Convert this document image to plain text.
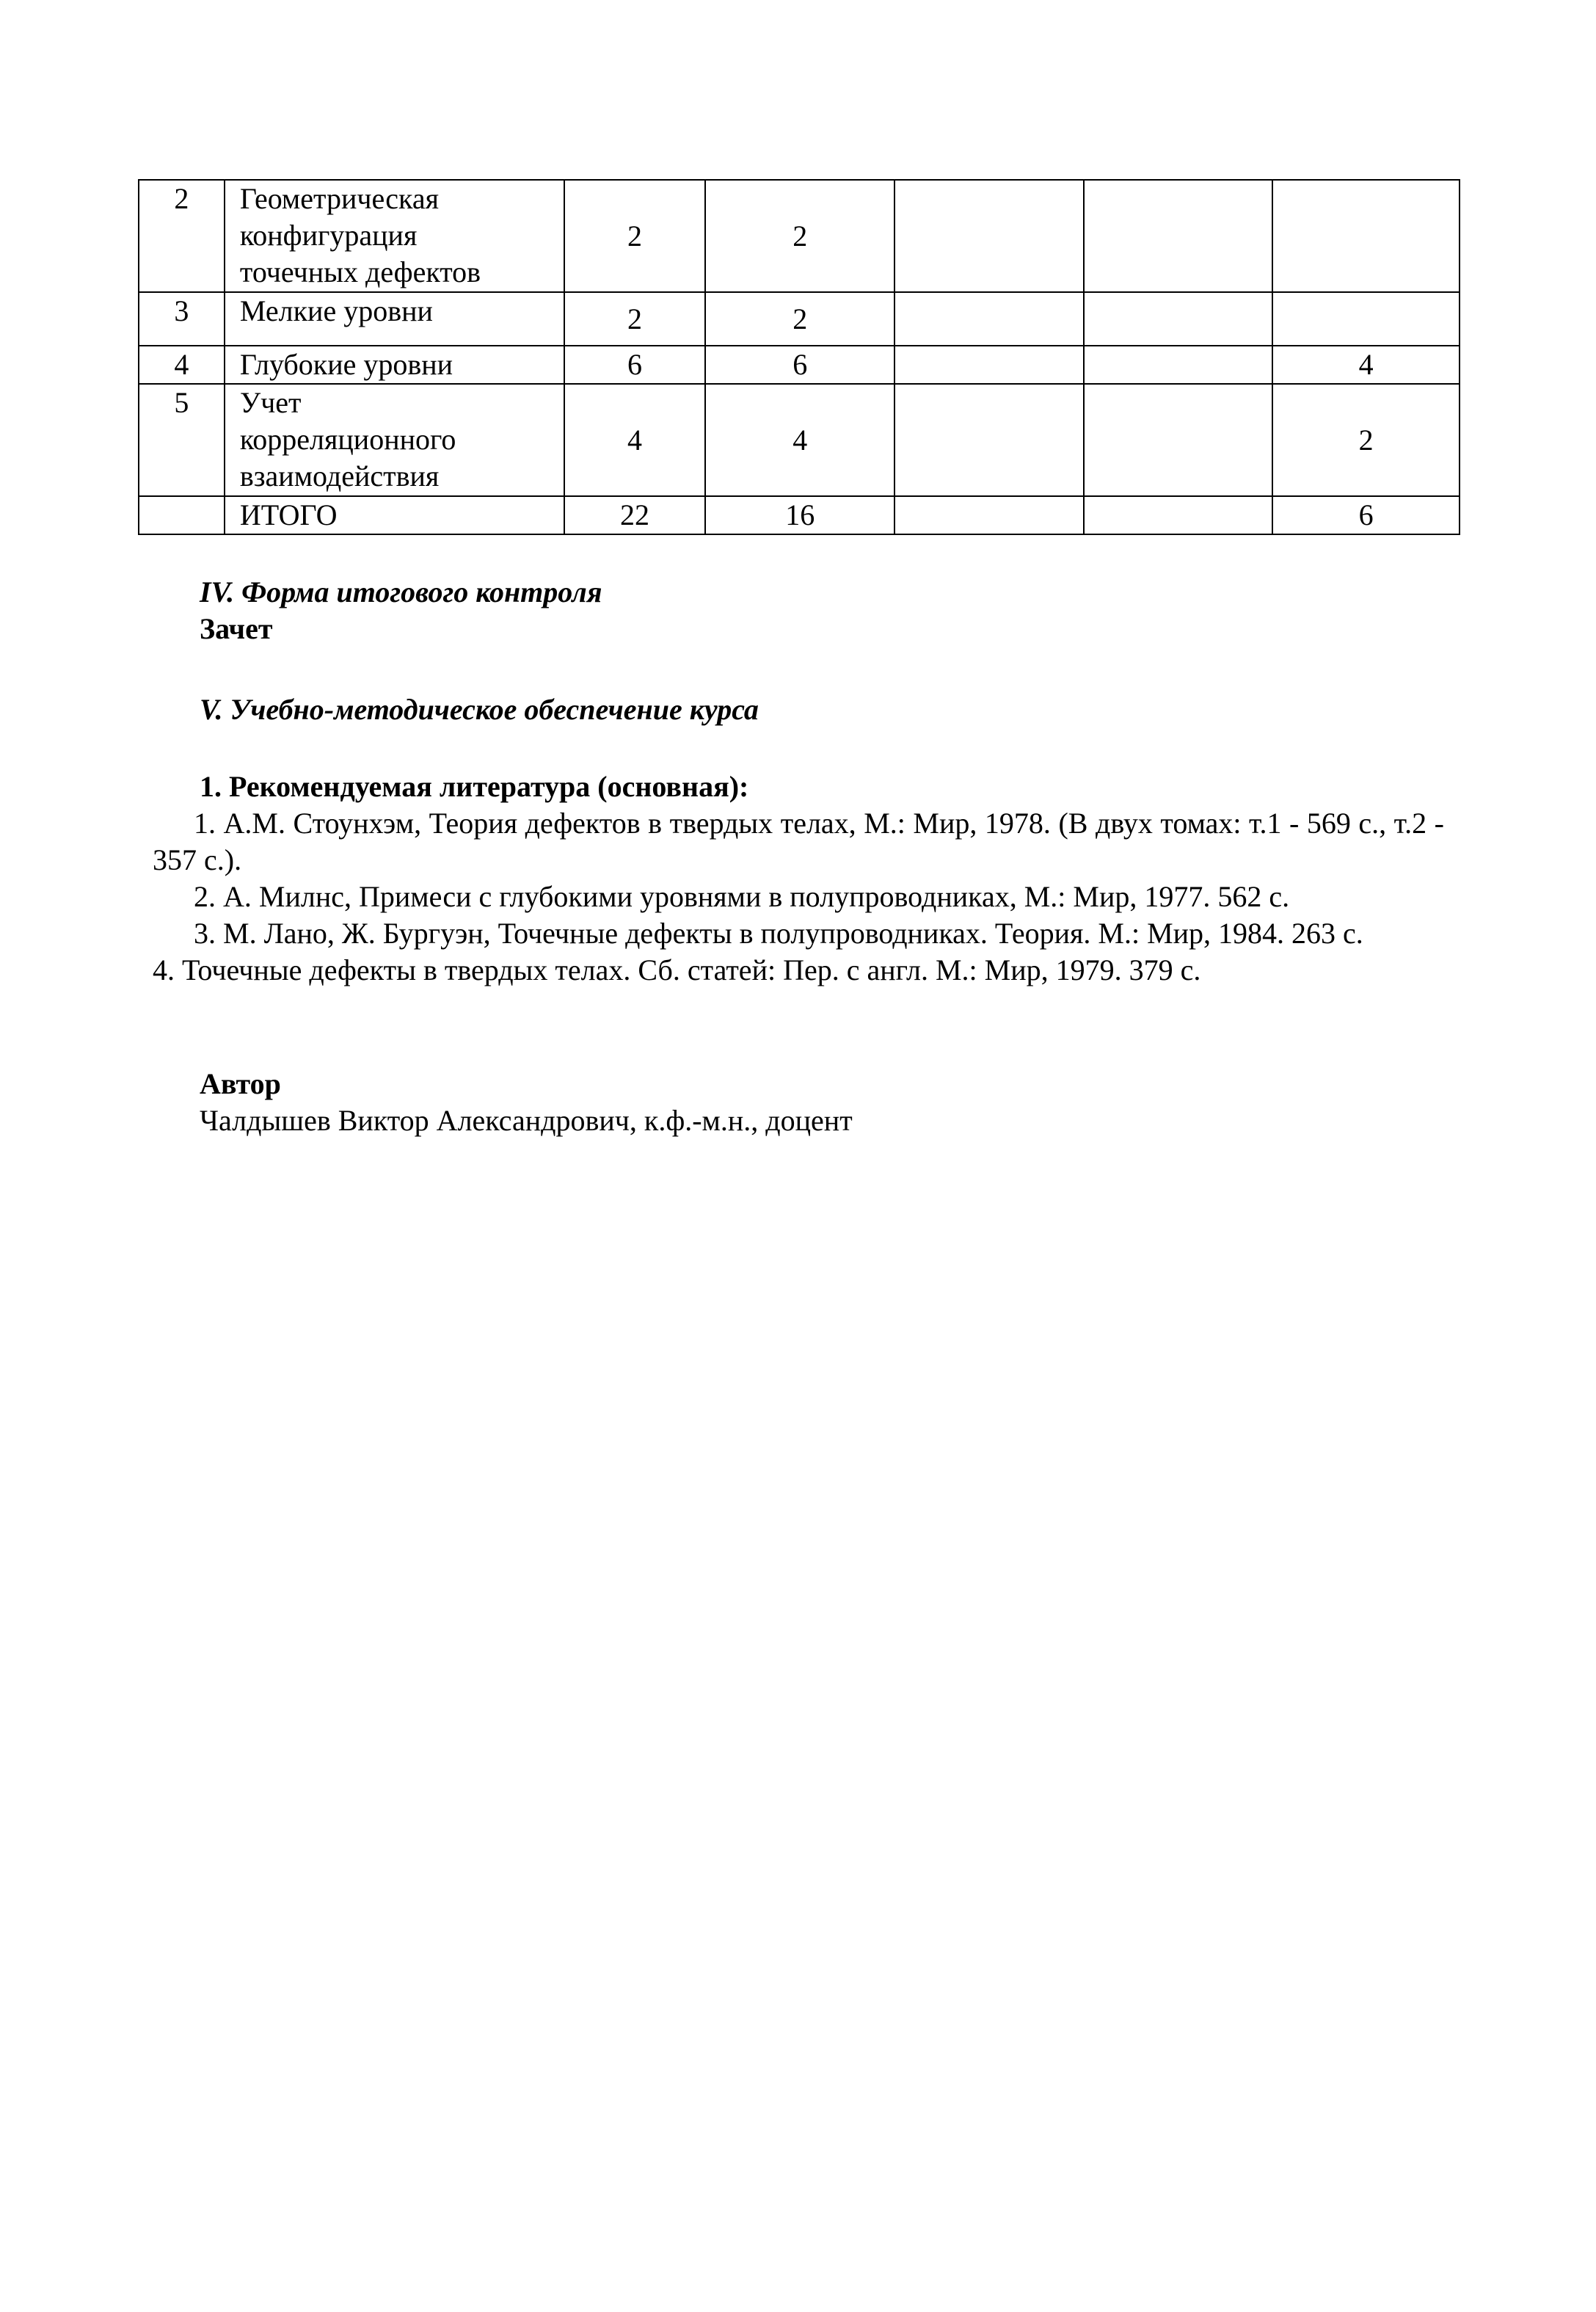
2	Геометрическая
конфигурация
точечных дефектов	2	2			
3	Мелкие уровни	2	2			
4	Глубокие уровни	6	6			4
5	Учет
корреляционного
взаимодействия	4	4			2

	ИТОГО	22	16			6
IV. Форма итогового контроля
Зачет
V. Учебно-методическое обеспечение курса
1. Рекомендуемая литература (основная):

1. А.М. Стоунхэм, Теория дефектов в твердых телах, М.: Мир, 1978. (В двух томах: т.1 - 569 с., т.2 - 357 с.).

2. А. Милнс, Примеси с глубокими уровнями в полупроводниках, М.: Мир, 1977. 562 с.

3. М. Лано, Ж. Бургуэн, Точечные дефекты в полупроводниках. Теория. М.: Мир, 1984. 263 с.

4. Точечные дефекты в твердых телах. Сб. статей: Пер. с англ. М.: Мир, 1979. 379 с.

Автор
Чалдышев Виктор Александрович, к.ф.-м.н., доцент
